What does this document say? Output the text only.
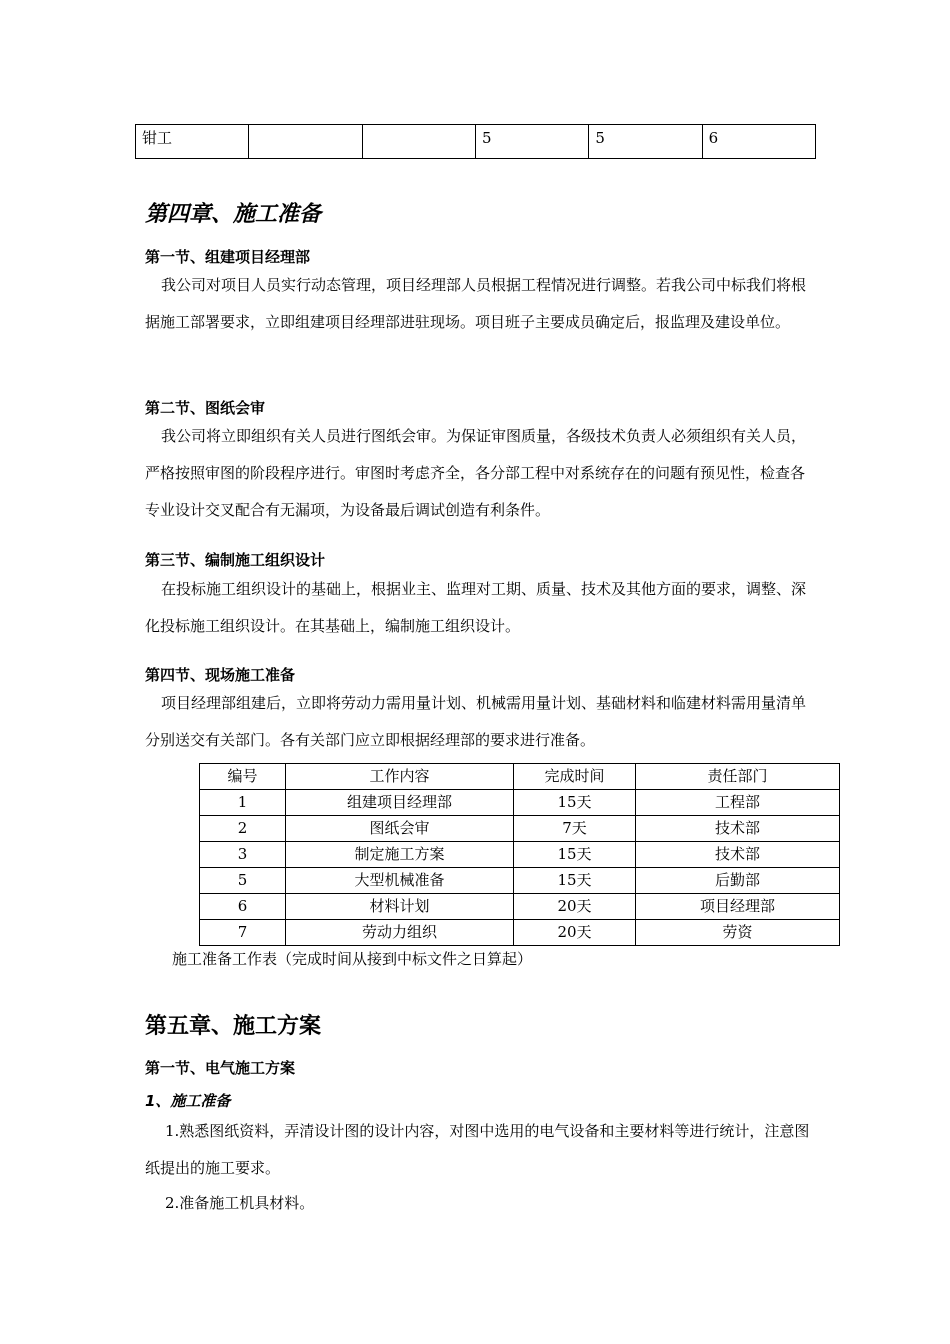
钳工			5	5	6
第四章、施工准备

第一节、组建项目经理部

我公司对项目人员实行动态管理，项目经理部人员根据工程情况进行调整。若我公司中标我们将根据施工部署要求，立即组建项目经理部进驻现场。项目班子主要成员确定后，报监理及建设单位。

第二节、图纸会审

我公司将立即组织有关人员进行图纸会审。为保证审图质量，各级技术负责人必须组织有关人员，严格按照审图的阶段程序进行。审图时考虑齐全，各分部工程中对系统存在的问题有预见性，检查各专业设计交叉配合有无漏项，为设备最后调试创造有利条件。

第三节、编制施工组织设计

在投标施工组织设计的基础上，根据业主、监理对工期、质量、技术及其他方面的要求，调整、深化投标施工组织设计。在其基础上，编制施工组织设计。

第四节、现场施工准备

项目经理部组建后，立即将劳动力需用量计划、机械需用量计划、基础材料和临建材料需用量清单分别送交有关部门。各有关部门应立即根据经理部的要求进行准备。

编号	工作内容	完成时间	责任部门
1	组建项目经理部	15天	工程部
2	图纸会审	7天	技术部
3	制定施工方案	15天	技术部
5	大型机械准备	15天	后勤部
6	材料计划	20天	项目经理部
7	劳动力组织	20天	劳资

施工准备工作表（完成时间从接到中标文件之日算起）

第五章、施工方案

第一节、电气施工方案

1、施工准备

1.熟悉图纸资料，弄清设计图的设计内容，对图中选用的电气设备和主要材料等进行统计，注意图纸提出的施工要求。

2.准备施工机具材料。
